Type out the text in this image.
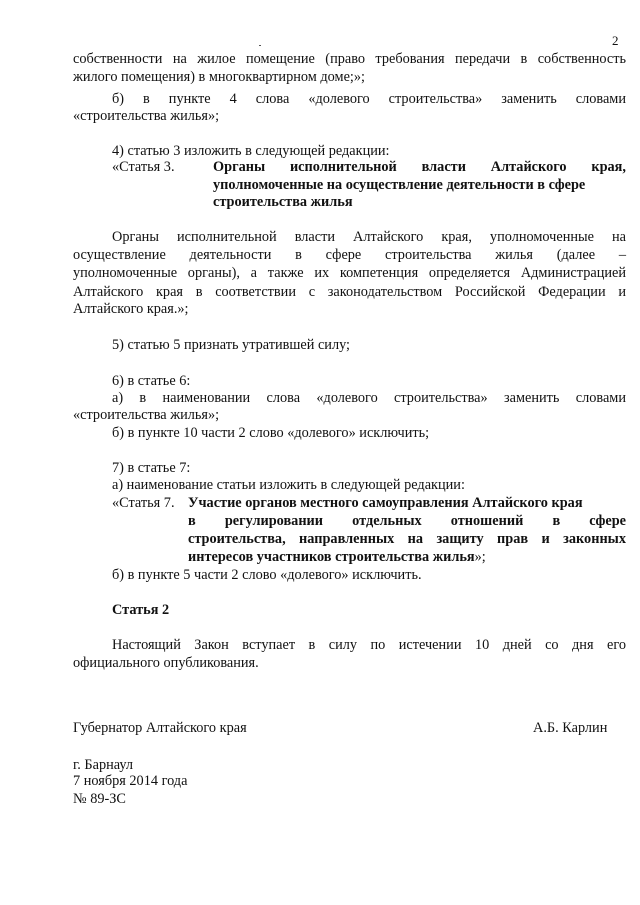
2
собственности на жилое помещение (право требования передачи в собственность
жилого помещения) в многоквартирном доме;»;
б) в пункте 4 слова «долевого строительства» заменить словами
«строительства жилья»;
4) статью 3 изложить в следующей редакции:
«Статья 3.	Органы исполнительной власти Алтайского края,
уполномоченные на осуществление деятельности в сфере
строительства жилья
Органы исполнительной власти Алтайского края, уполномоченные на
осуществление деятельности в сфере строительства жилья (далее –
уполномоченные органы), а также их компетенция определяется Администрацией
Алтайского края в соответствии с законодательством Российской Федерации и
Алтайского края.»;
5) статью 5 признать утратившей силу;
6) в статье 6:
а) в наименовании слова «долевого строительства» заменить словами
«строительства жилья»;
б) в пункте 10 части 2 слово «долевого» исключить;
7) в статье 7:
а) наименование статьи изложить в следующей редакции:
«Статья 7. Участие органов местного самоуправления Алтайского края
в регулировании отдельных отношений в сфере
строительства, направленных на защиту прав и законных
интересов участников строительства жилья»;
б) в пункте 5 части 2 слово «долевого» исключить.
Статья 2
Настоящий Закон вступает в силу по истечении 10 дней со дня его
официального опубликования.
Губернатор Алтайского края	А.Б. Карлин
г. Барнаул
7 ноября 2014 года
№ 89-ЗС
